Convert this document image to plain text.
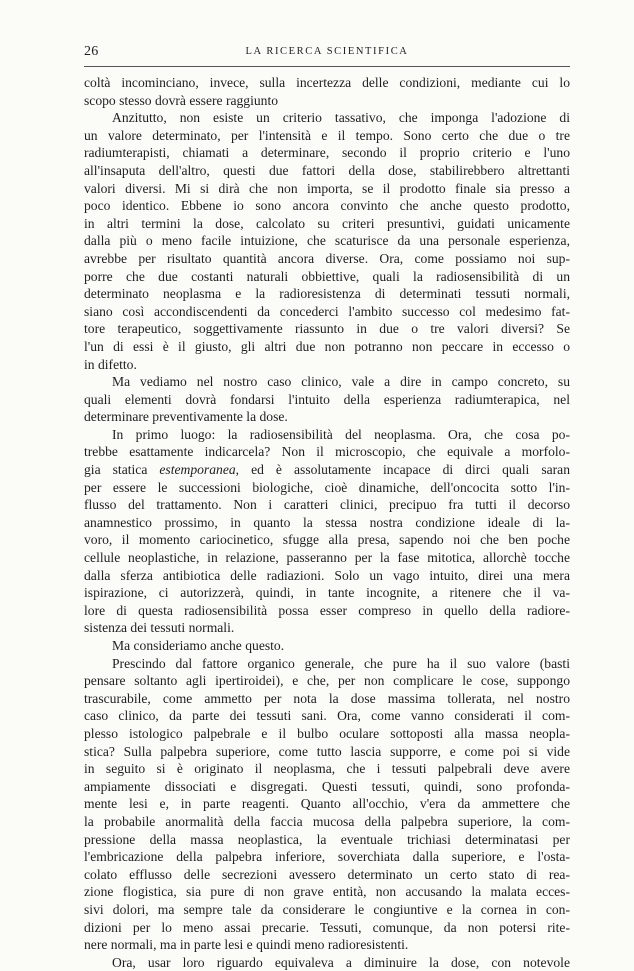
26	LA RICERCA SCIENTIFICA
coltà incominciano, invece, sulla incertezza delle condizioni, mediante cui lo
scopo stesso dovrà essere raggiunto
Anzitutto, non esiste un criterio tassativo, che imponga l'adozione di
un valore determinato, per l'intensità e il tempo. Sono certo che due o tre
radiumterapisti, chiamati a determinare, secondo il proprio criterio e l'uno
all'insaputa dell'altro, questi due fattori della dose, stabilirebbero altrettanti
valori diversi. Mi si dirà che non importa, se il prodotto finale sia presso a
poco identico. Ebbene io sono ancora convinto che anche questo prodotto,
in altri termini la dose, calcolato su criteri presuntivi, guidati unicamente
dalla più o meno facile intuizione, che scaturisce da una personale esperienza,
avrebbe per risultato quantità ancora diverse. Ora, come possiamo noi sup-
porre che due costanti naturali obbiettive, quali la radiosensibilità di un
determinato neoplasma e la radioresistenza di determinati tessuti normali,
siano così accondiscendenti da concederci l'ambito successo col medesimo fat-
tore terapeutico, soggettivamente riassunto in due o tre valori diversi? Se
l'un di essi è il giusto, gli altri due non potranno non peccare in eccesso o
in difetto.
Ma vediamo nel nostro caso clinico, vale a dire in campo concreto, su
quali elementi dovrà fondarsi l'intuito della esperienza radiumterapica, nel
determinare preventivamente la dose.
In primo luogo: la radiosensibilità del neoplasma. Ora, che cosa po-
trebbe esattamente indicarcela? Non il microscopio, che equivale a morfolo-
gia statica estemporanea, ed è assolutamente incapace di dirci quali saran
per essere le successioni biologiche, cioè dinamiche, dell'oncocita sotto l'in-
flusso del trattamento. Non i caratteri clinici, precipuo fra tutti il decorso
anamnestico prossimo, in quanto la stessa nostra condizione ideale di la-
voro, il momento cariocinetico, sfugge alla presa, sapendo noi che ben poche
cellule neoplastiche, in relazione, passeranno per la fase mitotica, allorchè tocche
dalla sferza antibiotica delle radiazioni. Solo un vago intuito, direi una mera
ispirazione, ci autorizzerà, quindi, in tante incognite, a ritenere che il va-
lore di questa radiosensibilità possa esser compreso in quello della radiore-
sistenza dei tessuti normali.
Ma consideriamo anche questo.
Prescindo dal fattore organico generale, che pure ha il suo valore (basti
pensare soltanto agli ipertiroidei), e che, per non complicare le cose, suppongo
trascurabile, come ammetto per nota la dose massima tollerata, nel nostro
caso clinico, da parte dei tessuti sani. Ora, come vanno considerati il com-
plesso istologico palpebrale e il bulbo oculare sottoposti alla massa neopla-
stica? Sulla palpebra superiore, come tutto lascia supporre, e come poi si vide
in seguito si è originato il neoplasma, che i tessuti palpebrali deve avere
ampiamente dissociati e disgregati. Questi tessuti, quindi, sono profonda-
mente lesi e, in parte reagenti. Quanto all'occhio, v'era da ammettere che
la probabile anormalità della faccia mucosa della palpebra superiore, la com-
pressione della massa neoplastica, la eventuale trichiasi determinatasi per
l'embricazione della palpebra inferiore, soverchiata dalla superiore, e l'osta-
colato efflusso delle secrezioni avessero determinato un certo stato di rea-
zione flogistica, sia pure di non grave entità, non accusando la malata ecces-
sivi dolori, ma sempre tale da considerare le congiuntive e la cornea in con-
dizioni per lo meno assai precarie. Tessuti, comunque, da non potersi rite-
nere normali, ma in parte lesi e quindi meno radioresistenti.
Ora, usar loro riguardo equivaleva a diminuire la dose, con notevole
